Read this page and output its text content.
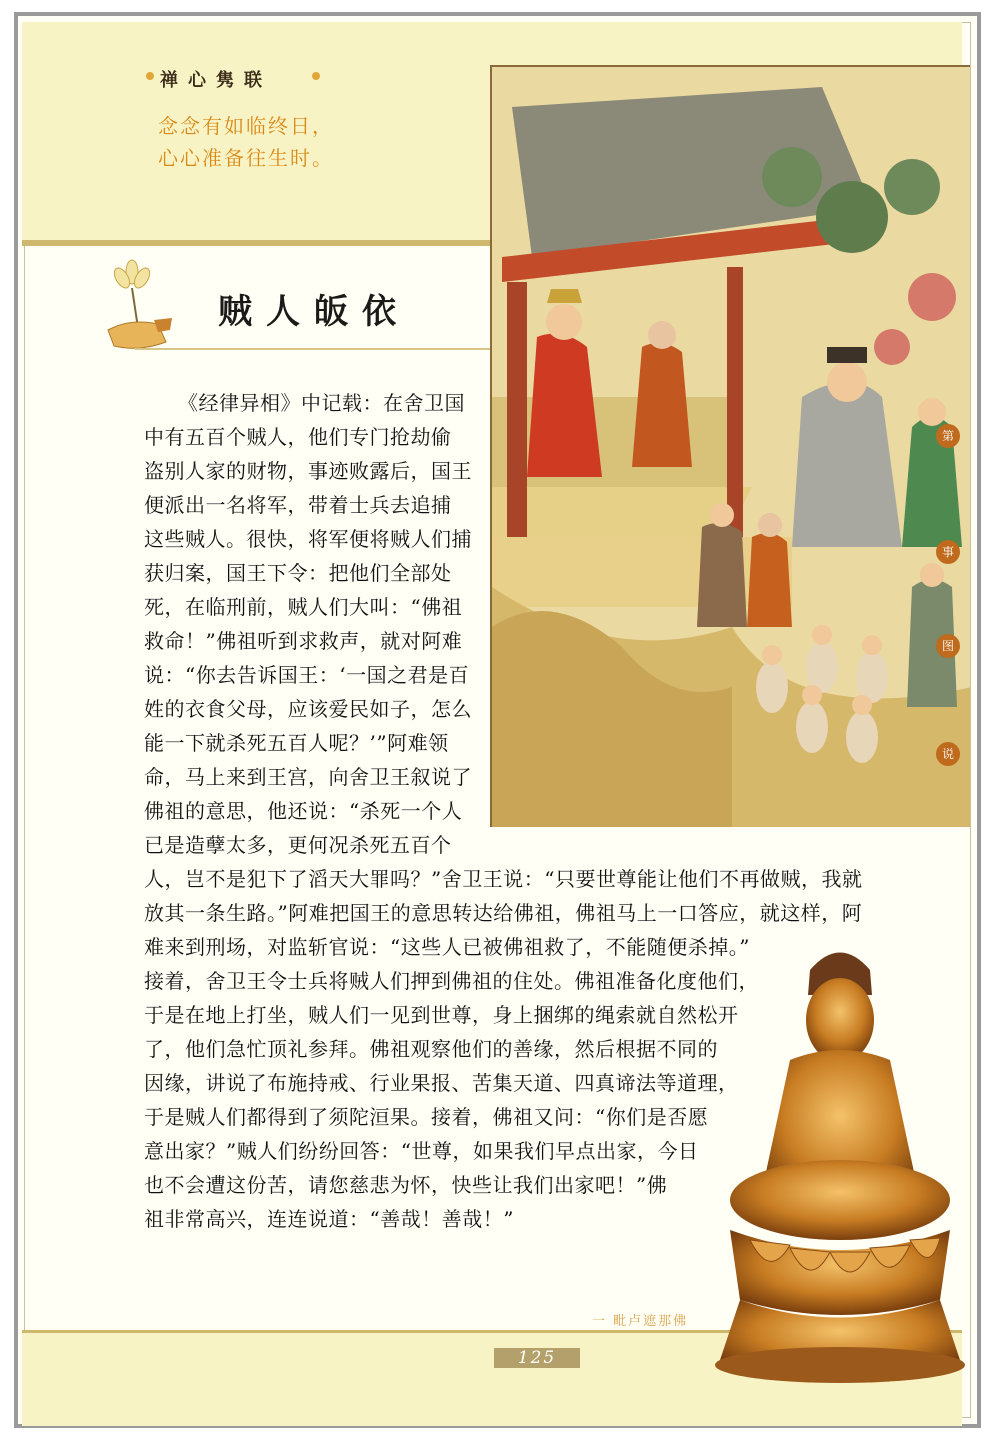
禅心隽联
念念有如临终日，
心心准备往生时。
第
事
图
说
贼人皈依
《经律异相》中记载：在舍卫国
中有五百个贼人，他们专门抢劫偷
盗别人家的财物，事迹败露后，国王
便派出一名将军，带着士兵去追捕
这些贼人。很快，将军便将贼人们捕
获归案，国王下令：把他们全部处
死，在临刑前，贼人们大叫：“佛祖
救命！”佛祖听到求救声，就对阿难
说：“你去告诉国王：‘一国之君是百
姓的衣食父母，应该爱民如子，怎么
能一下就杀死五百人呢？’”阿难领
命，马上来到王宫，向舍卫王叙说了
佛祖的意思，他还说：“杀死一个人
已是造孽太多，更何况杀死五百个
人，岂不是犯下了滔天大罪吗？”舍卫王说：“只要世尊能让他们不再做贼，我就
放其一条生路。”阿难把国王的意思转达给佛祖，佛祖马上一口答应，就这样，阿
难来到刑场，对监斩官说：“这些人已被佛祖救了，不能随便杀掉。”
接着，舍卫王令士兵将贼人们押到佛祖的住处。佛祖准备化度他们，
于是在地上打坐，贼人们一见到世尊，身上捆绑的绳索就自然松开
了，他们急忙顶礼参拜。佛祖观察他们的善缘，然后根据不同的
因缘，讲说了布施持戒、行业果报、苦集天道、四真谛法等道理，
于是贼人们都得到了须陀洹果。接着，佛祖又问：“你们是否愿
意出家？”贼人们纷纷回答：“世尊，如果我们早点出家，今日
也不会遭这份苦，请您慈悲为怀，快些让我们出家吧！”佛
祖非常高兴，连连说道：“善哉！善哉！”
一 毗卢遮那佛
125
